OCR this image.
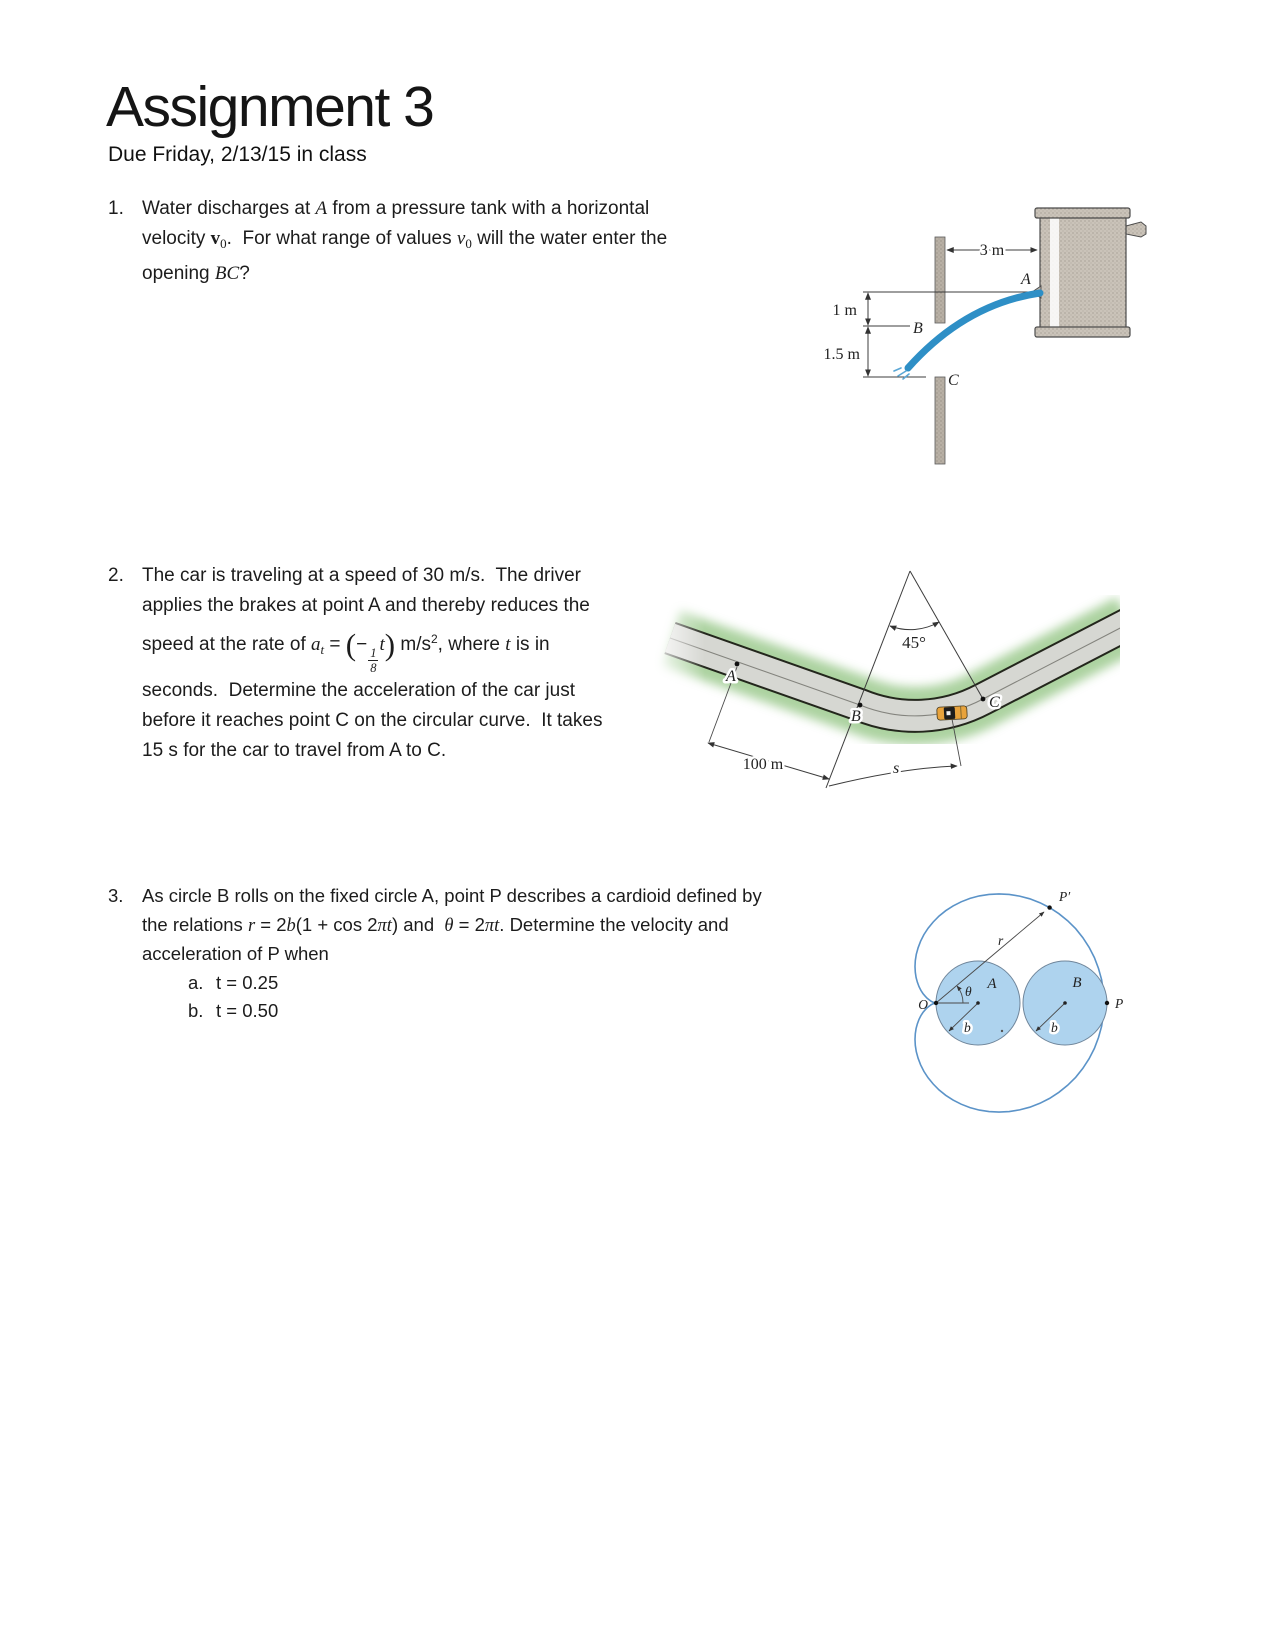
Assignment 3
Due Friday, 2/13/15 in class
1. Water discharges at A from a pressure tank with a horizontal
velocity $v_0$.  For what range of values $v_0$ will the water enter the
opening BC?
2. The car is traveling at a speed of 30 m/s.  The driver
applies the brakes at point A and thereby reduces the
speed at the rate of $a_t$ = (−
$\frac{1}{8}$
t) $m/s^2$, where t is in
seconds.  Determine the acceleration of the car just
before it reaches point C on the circular curve.  It takes
15 s for the car to travel from A to C.
3.	As circle B rolls on the fixed circle A, point P describes a cardioid defined by
the relations r = 2b(1 + cos 2πt) and  θ = 2πt. Determine the velocity and
acceleration of P when
a. t = 0.25
b. t = 0.50
3 m
1 m
1.5 m
A
B
C
45°
A
B
C
100 m	s
O
A	B
P
P′
r
θ
b	b
